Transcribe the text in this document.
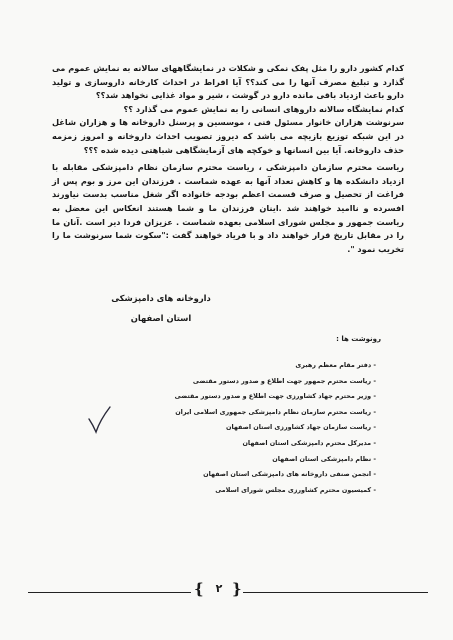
کدام کشور دارو را مثل پفک نمکی و شکلات در نمایشگاههای سالانه به نمایش عموم می گذارد و تبلیغ مصرف آنها را می کند؟؟ آیا افراط در احداث کارخانه داروسازی و تولید دارو باعث ازدیاد باقی مانده دارو در گوشت ، شیر و مواد غذایی نخواهد شد؟؟

کدام نمایشگاه سالانه داروهای انسانی را به نمایش عموم می گذارد ؟؟

سرنوشت هزاران خانوار مسئول فنی ، موسسین و پرسنل داروخانه ها و هزاران شاغل در این شبکه توزیع بازیچه می باشد که دیروز تصویب احداث داروخانه و امروز زمزمه حذف داروخانه. آیا بین انسانها و خوکچه های آزمایشگاهی شباهتی دیده شده ؟؟؟

ریاست محترم سازمان دامپزشکی ، ریاست محترم سازمان نظام دامپزشکی مقابله با ازدیاد دانشکده ها و کاهش تعداد آنها به عهده شماست . فرزندان این مرز و بوم پس از فراغت از تحصیل و صرف قسمت اعظم بودجه خانواده اگر شغل مناسب بدست نیاورند افسرده و ناامید خواهند شد .اینان فرزندان ما و شما هستند انعکاس این معضل به ریاست جمهور و مجلس شورای اسلامی بعهده شماست . عزیزان فردا دیر است .آنان ما را در مقابل تاریخ قرار خواهند داد و با فریاد خواهند گفت :"سکوت شما سرنوشت ما را تخریب نمود ".

داروخانه های دامپزشکی
استان اصفهان
رونوشت ها :
- دفتر مقام معظم رهبری
- ریاست محترم جمهور جهت اطلاع و صدور دستور مقتضی
- وزیر محترم جهاد کشاورزی جهت اطلاع و صدور دستور مقتضی
- ریاست محترم سازمان نظام دامپزشکی جمهوری اسلامی ایران
- ریاست سازمان جهاد کشاورزی استان اصفهان
- مدیرکل محترم دامپزشکی استان اصفهان
- نظام دامپزشکی استان اصفهان
- انجمن صنفی داروخانه های دامپزشکی استان اصفهان
- کمیسیون محترم کشاورزی مجلس شورای اسلامی
{	۲ }
